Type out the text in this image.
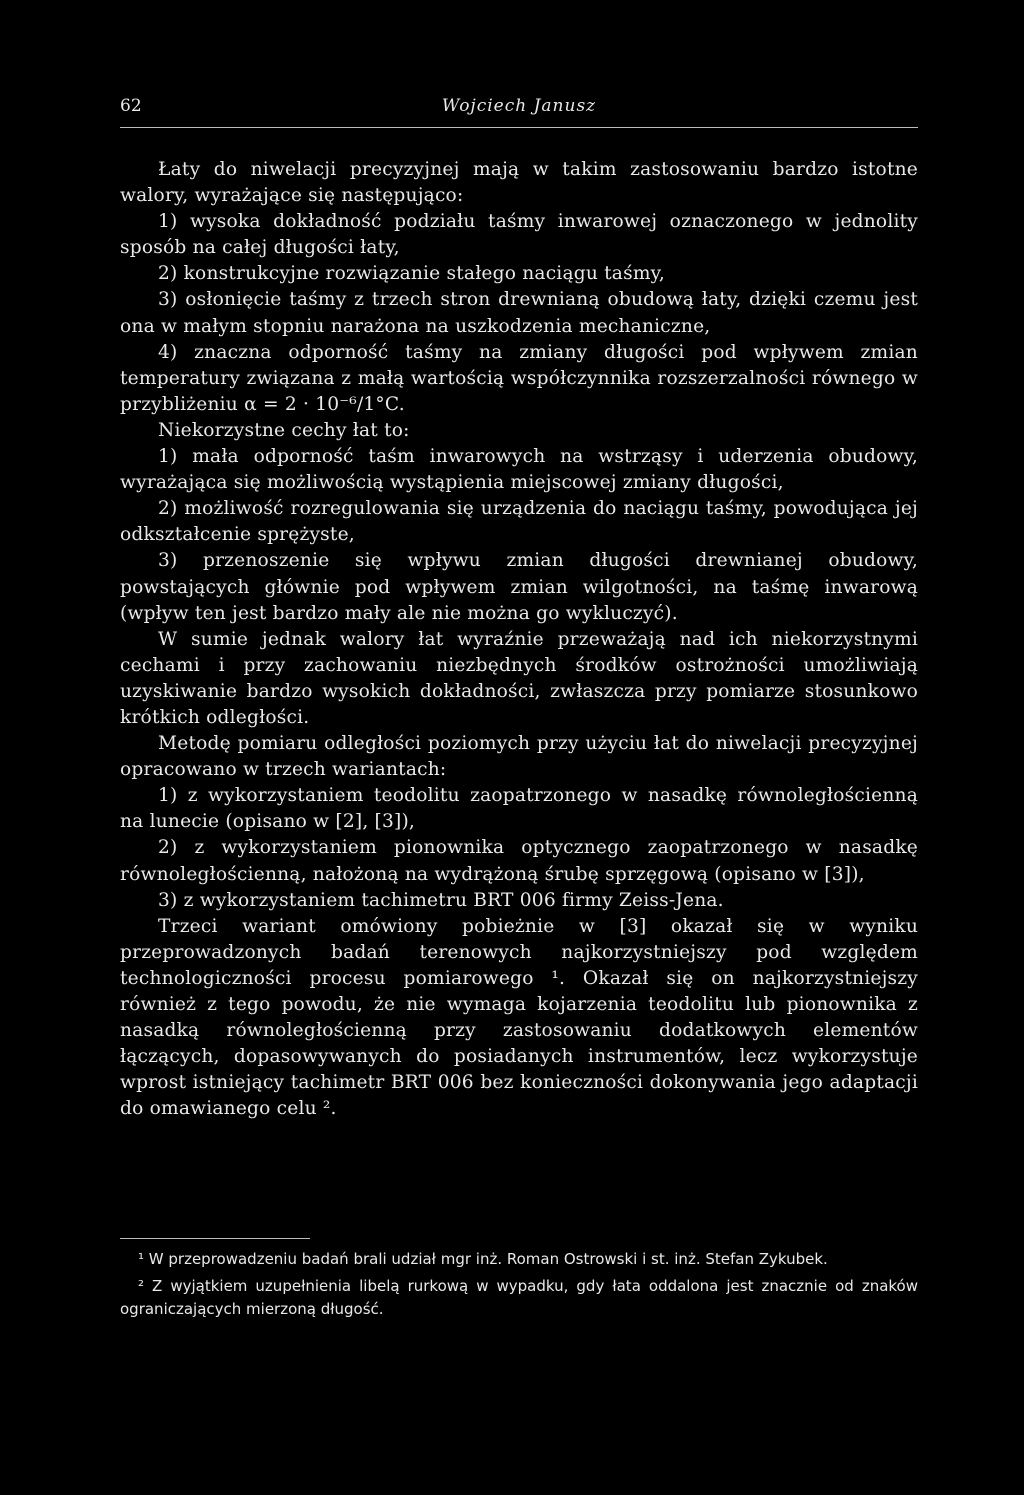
62	Wojciech Janusz

Łaty do niwelacji precyzyjnej mają w takim zastosowaniu bardzo istotne walory, wyrażające się następująco:

1) wysoka dokładność podziału taśmy inwarowej oznaczonego w jednolity sposób na całej długości łaty,

2) konstrukcyjne rozwiązanie stałego naciągu taśmy,

3) osłonięcie taśmy z trzech stron drewnianą obudową łaty, dzięki czemu jest ona w małym stopniu narażona na uszkodzenia mechaniczne,

4) znaczna odporność taśmy na zmiany długości pod wpływem zmian temperatury związana z małą wartością współczynnika rozszerzalności równego w przybliżeniu α = 2 · 10⁻⁶/1°C.

Niekorzystne cechy łat to:

1) mała odporność taśm inwarowych na wstrząsy i uderzenia obudowy, wyrażająca się możliwością wystąpienia miejscowej zmiany długości,

2) możliwość rozregulowania się urządzenia do naciągu taśmy, powodująca jej odkształcenie sprężyste,

3) przenoszenie się wpływu zmian długości drewnianej obudowy, powstających głównie pod wpływem zmian wilgotności, na taśmę inwarową (wpływ ten jest bardzo mały ale nie można go wykluczyć).

W sumie jednak walory łat wyraźnie przeważają nad ich niekorzystnymi cechami i przy zachowaniu niezbędnych środków ostrożności umożliwiają uzyskiwanie bardzo wysokich dokładności, zwłaszcza przy pomiarze stosunkowo krótkich odległości.

Metodę pomiaru odległości poziomych przy użyciu łat do niwelacji precyzyjnej opracowano w trzech wariantach:

1) z wykorzystaniem teodolitu zaopatrzonego w nasadkę równoległościenną na lunecie (opisano w [2], [3]),

2) z wykorzystaniem pionownika optycznego zaopatrzonego w nasadkę równoległościenną, nałożoną na wydrążoną śrubę sprzęgową (opisano w [3]),

3) z wykorzystaniem tachimetru BRT 006 firmy Zeiss-Jena.

Trzeci wariant omówiony pobieżnie w [3] okazał się w wyniku przeprowadzonych badań terenowych najkorzystniejszy pod względem technologiczności procesu pomiarowego ¹. Okazał się on najkorzystniejszy również z tego powodu, że nie wymaga kojarzenia teodolitu lub pionownika z nasadką równoległościenną przy zastosowaniu dodatkowych elementów łączących, dopasowywanych do posiadanych instrumentów, lecz wykorzystuje wprost istniejący tachimetr BRT 006 bez konieczności dokonywania jego adaptacji do omawianego celu ².

¹ W przeprowadzeniu badań brali udział mgr inż. Roman Ostrowski i st. inż. Stefan Zykubek.

² Z wyjątkiem uzupełnienia libelą rurkową w wypadku, gdy łata oddalona jest znacznie od znaków ograniczających mierzoną długość.
